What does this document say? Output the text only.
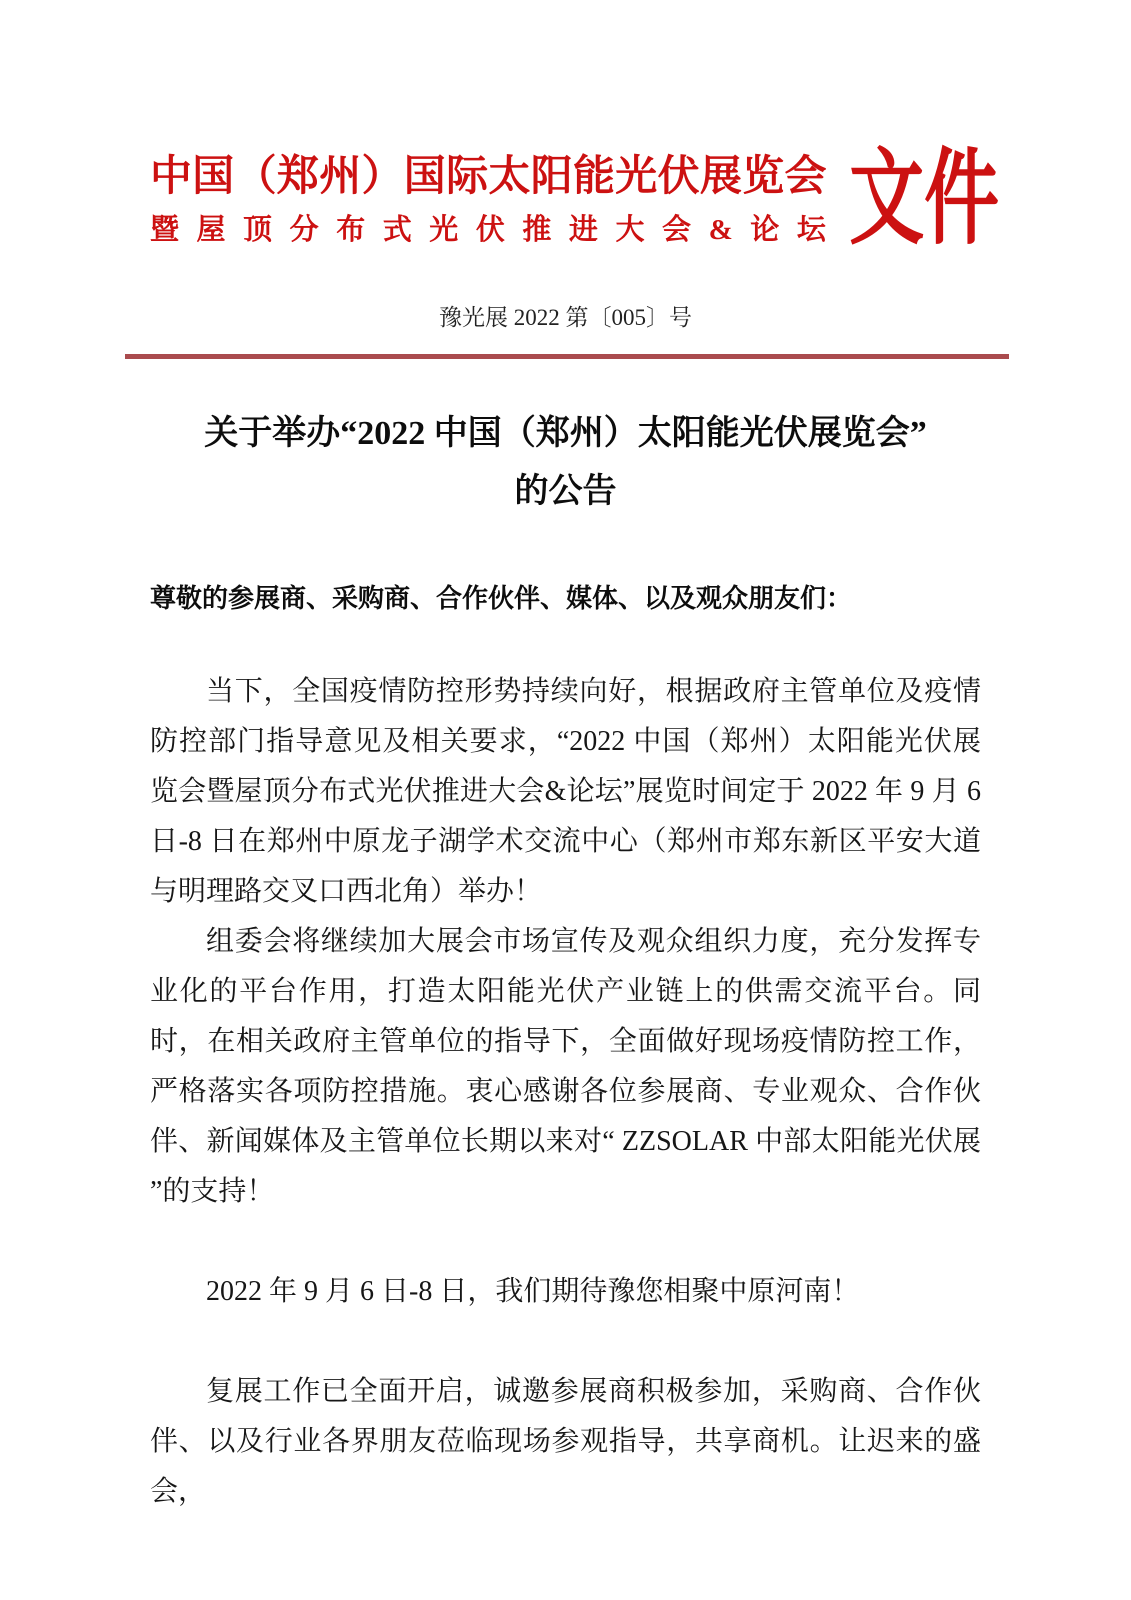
中国（郑州）国际太阳能光伏展览会
暨 屋 顶 分 布 式 光 伏 推 进 大 会 & 论 坛 文件
豫光展 2022 第〔005〕号
关于举办“2022 中国（郑州）太阳能光伏展览会”
的公告

尊敬的参展商、采购商、合作伙伴、媒体、以及观众朋友们：

当下，全国疫情防控形势持续向好，根据政府主管单位及疫情防控部门指导意见及相关要求，“2022 中国（郑州）太阳能光伏展览会暨屋顶分布式光伏推进大会&论坛”展览时间定于 2022 年 9 月 6 日-8 日在郑州中原龙子湖学术交流中心（郑州市郑东新区平安大道与明理路交叉口西北角）举办！

组委会将继续加大展会市场宣传及观众组织力度，充分发挥专业化的平台作用，打造太阳能光伏产业链上的供需交流平台。同时，在相关政府主管单位的指导下，全面做好现场疫情防控工作，严格落实各项防控措施。衷心感谢各位参展商、专业观众、合作伙伴、新闻媒体及主管单位长期以来对“ ZZSOLAR 中部太阳能光伏展 ”的支持！

2022 年 9 月 6 日-8 日，我们期待豫您相聚中原河南！

复展工作已全面开启，诚邀参展商积极参加，采购商、合作伙伴、以及行业各界朋友莅临现场参观指导，共享商机。让迟来的盛会，
